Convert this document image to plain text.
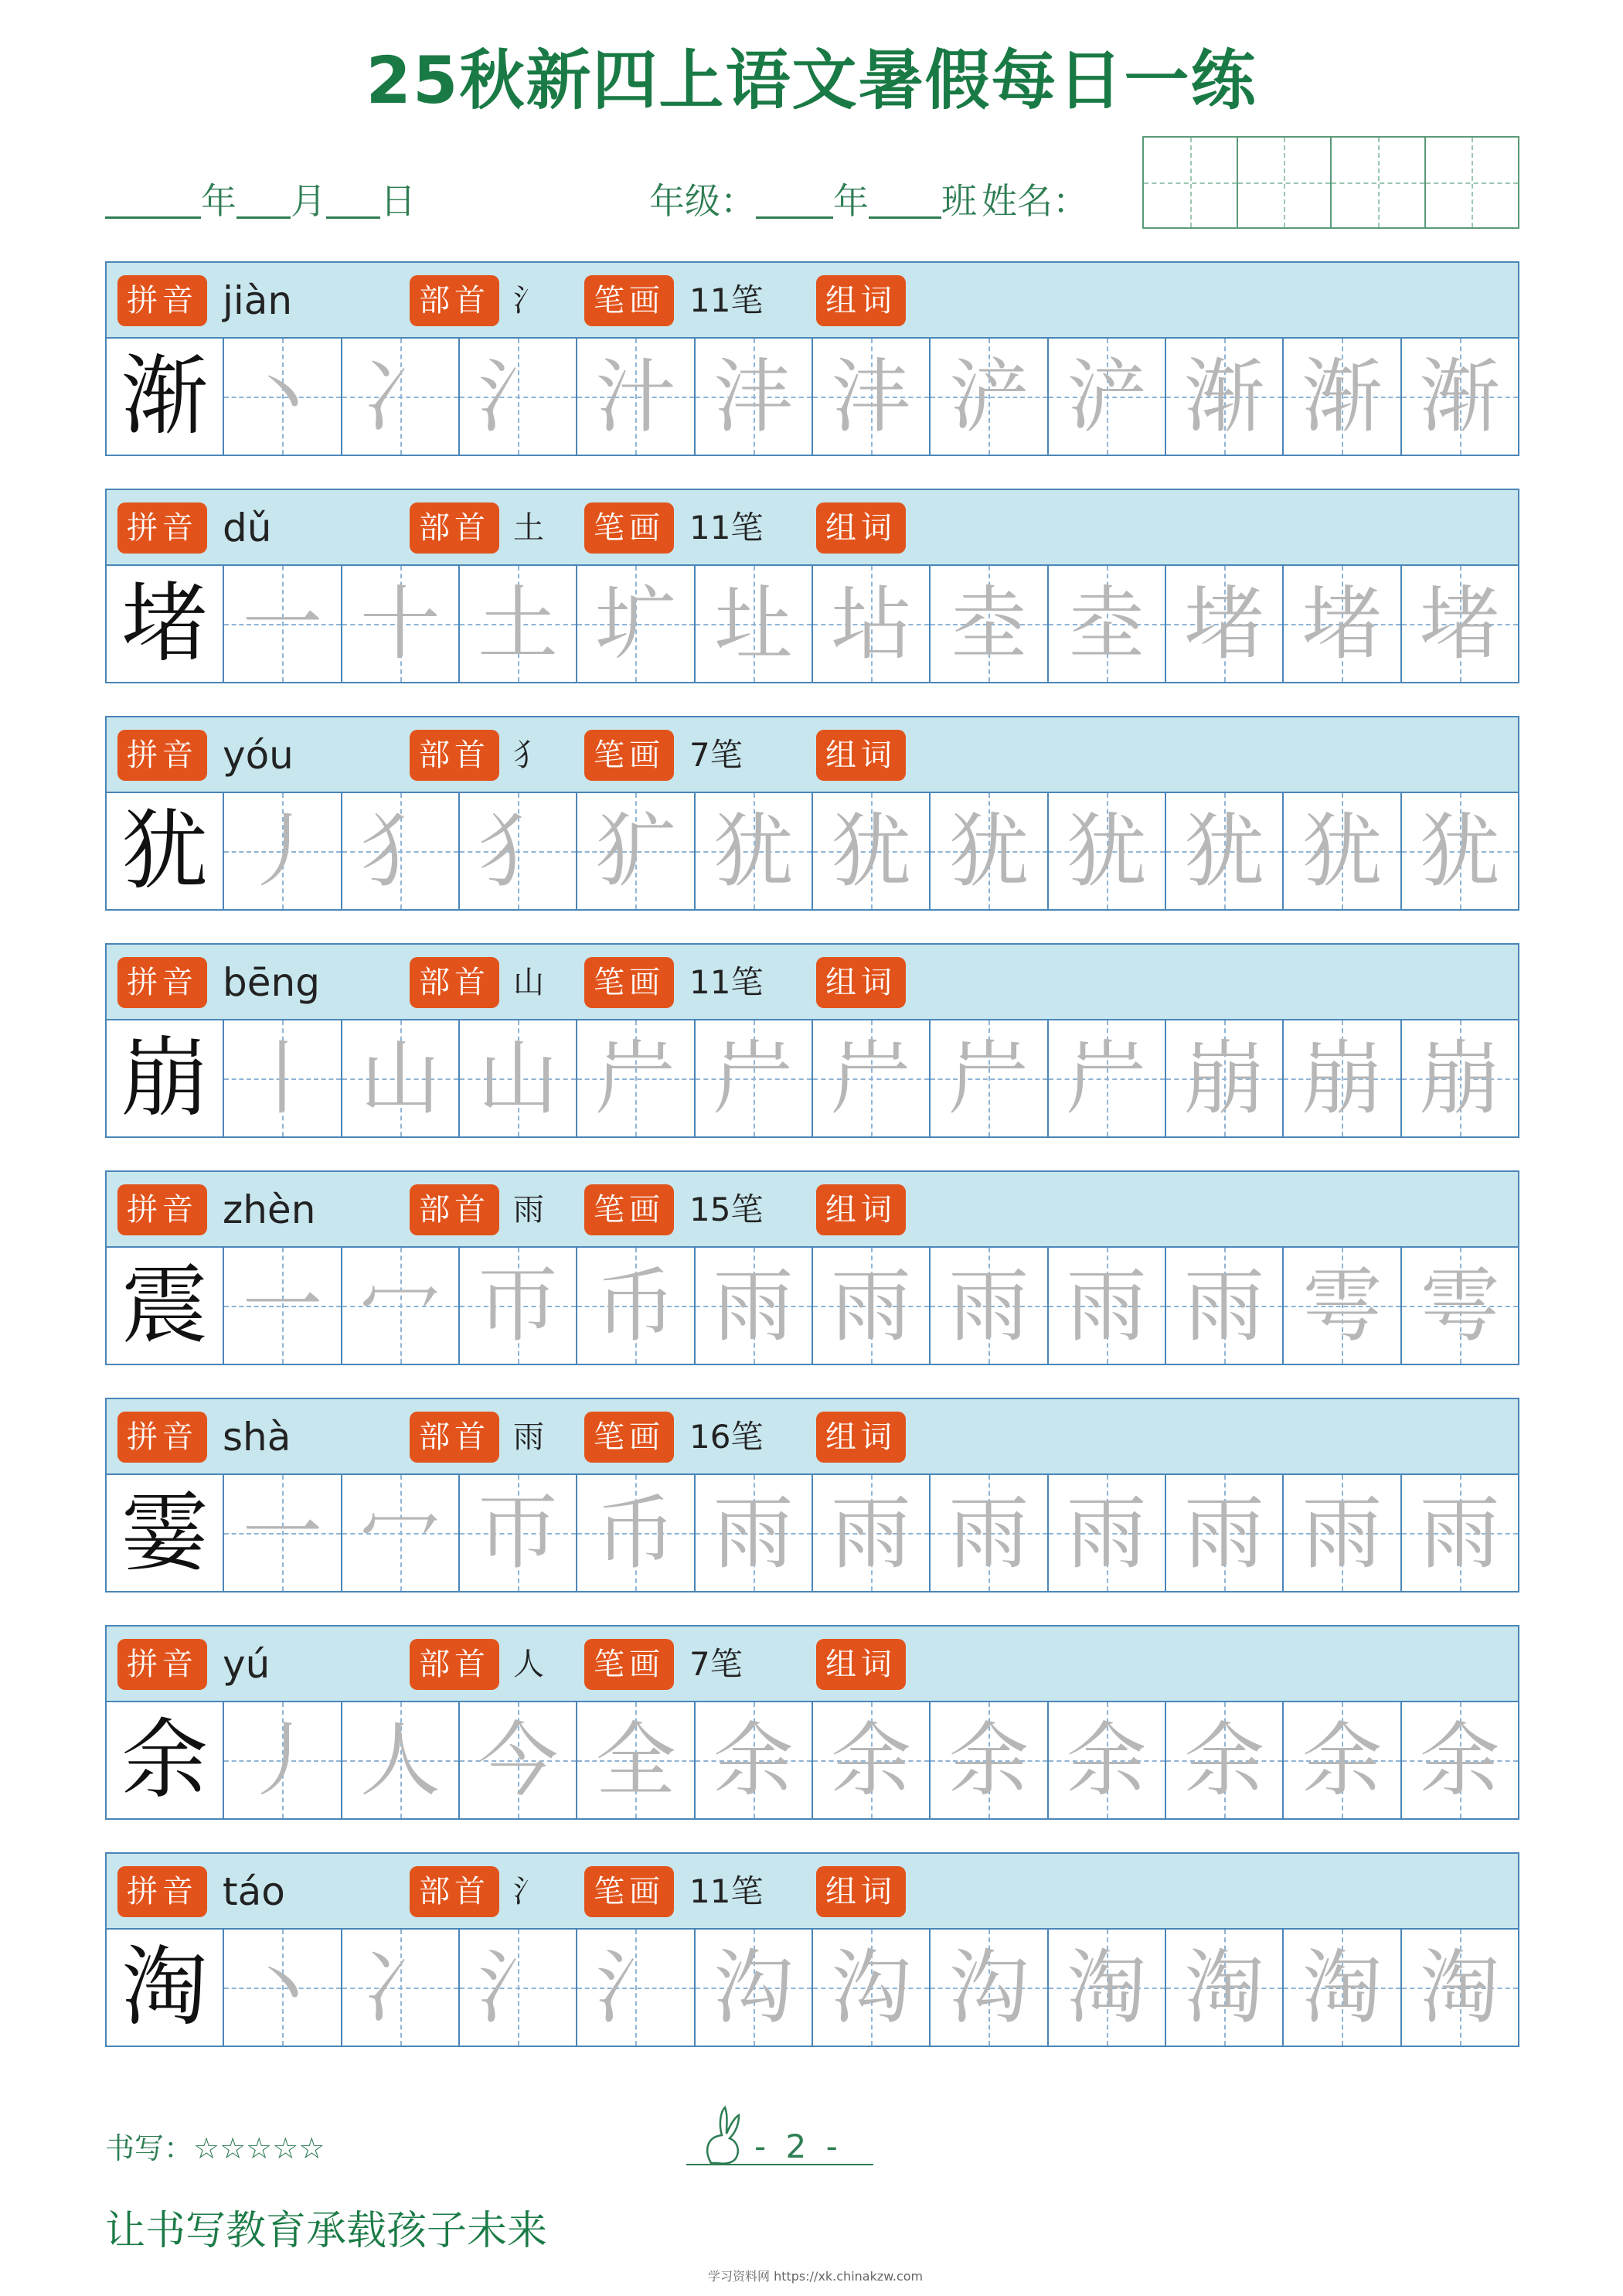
25秋新四上语文暑假每日一练
年 月 日	年级： 年 班 姓名：
拼音 jiàn	部首 氵	笔画 11笔	组词
渐 丶 冫 氵 汁 沣 沣 浐 浐 渐 渐 渐
拼音 dǔ	部首 土	笔画 11笔	组词
堵 一 十 土 圹 圵 坫 坴 坴 堵 堵 堵
拼音 yóu	部首 犭	笔画 7笔	组词
犹 丿 犭 犭 犷 犹 犹 犹 犹 犹 犹 犹
拼音 bēng	部首 山	笔画 11笔	组词
崩 丨 山 山 屵 屵 屵 屵 屵 崩 崩 崩
拼音 zhèn	部首 雨	笔画 15笔	组词
震 一 冖 帀 币 雨 雨 雨 雨 雨 雩 雩
拼音 shà	部首 雨	笔画 16笔	组词
霎 一 冖 帀 币 雨 雨 雨 雨 雨 雨 雨
拼音 yú	部首 人	笔画 7笔	组词
余 丿 人 今 全 余 余 余 余 余 余 余
拼音 táo	部首 氵	笔画 11笔	组词
淘 丶 冫 氵 氵 沟 沟 沟 淘 淘 淘 淘
书写：☆☆☆☆☆	- 2 -
让书写教育承载孩子未来
学习资料网 https://xk.chinakzw.com
